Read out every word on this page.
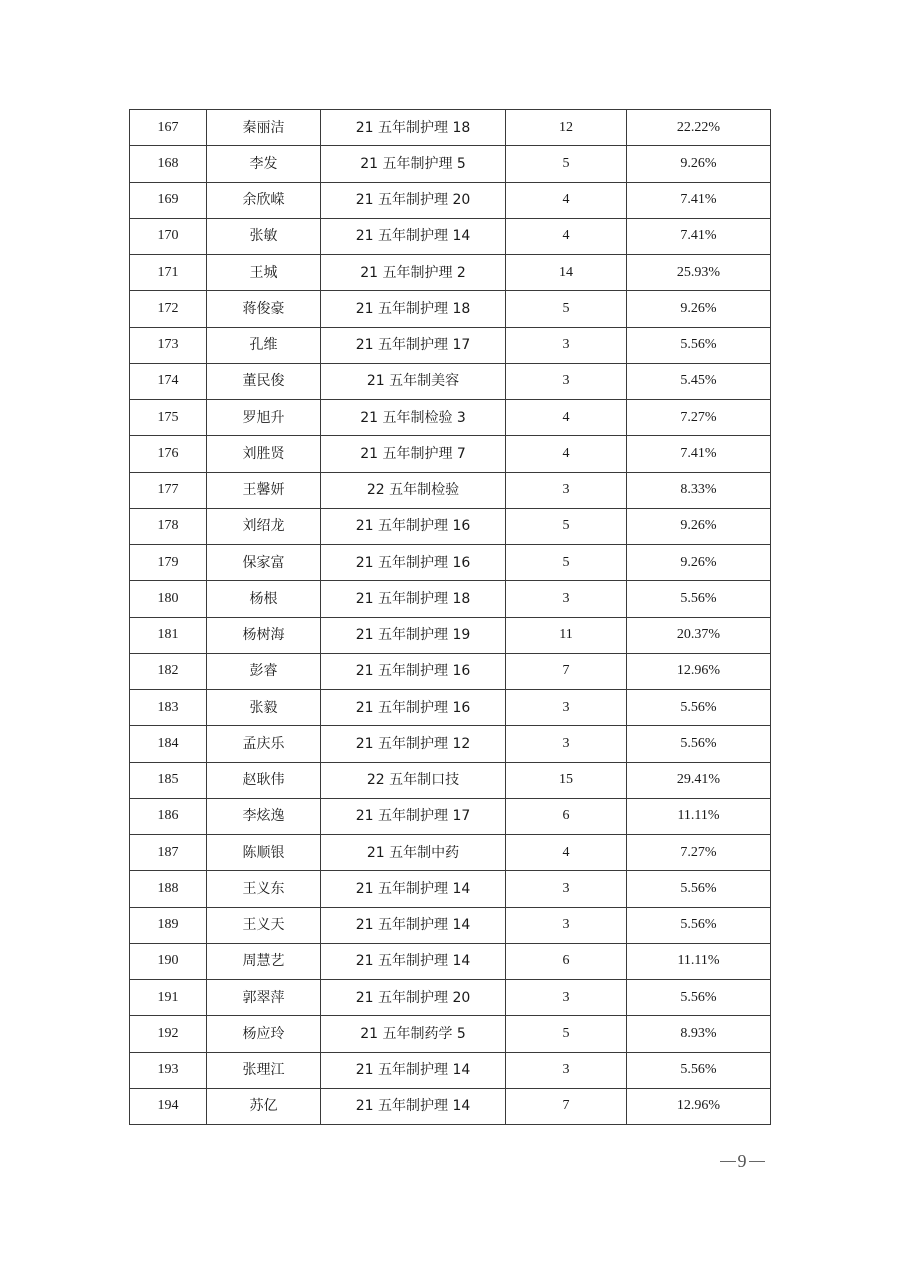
167	秦丽洁	21 五年制护理 18	12	22.22%
168	李发	21 五年制护理 5	5	9.26%
169	余欣嵘	21 五年制护理 20	4	7.41%
170	张敏	21 五年制护理 14	4	7.41%
171	王城	21 五年制护理 2	14	25.93%
172	蒋俊豪	21 五年制护理 18	5	9.26%
173	孔维	21 五年制护理 17	3	5.56%
174	董民俊	21 五年制美容	3	5.45%
175	罗旭升	21 五年制检验 3	4	7.27%
176	刘胜贤	21 五年制护理 7	4	7.41%
177	王馨妍	22 五年制检验	3	8.33%
178	刘绍龙	21 五年制护理 16	5	9.26%
179	保家富	21 五年制护理 16	5	9.26%
180	杨根	21 五年制护理 18	3	5.56%
181	杨树海	21 五年制护理 19	11	20.37%
182	彭睿	21 五年制护理 16	7	12.96%
183	张毅	21 五年制护理 16	3	5.56%
184	孟庆乐	21 五年制护理 12	3	5.56%
185	赵耿伟	22 五年制口技	15	29.41%
186	李炫逸	21 五年制护理 17	6	11.11%
187	陈顺银	21 五年制中药	4	7.27%
188	王义东	21 五年制护理 14	3	5.56%
189	王义天	21 五年制护理 14	3	5.56%
190	周慧艺	21 五年制护理 14	6	11.11%
191	郭翠萍	21 五年制护理 20	3	5.56%
192	杨应玲	21 五年制药学 5	5	8.93%
193	张理江	21 五年制护理 14	3	5.56%
194	苏亿	21 五年制护理 14	7	12.96%
9
